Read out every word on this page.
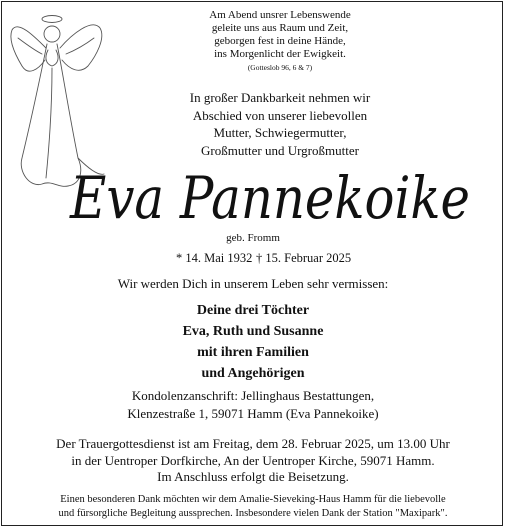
Am Abend unsrer Lebenswende
geleite uns aus Raum und Zeit,
geborgen fest in deine Hände,
ins Morgenlicht der Ewigkeit.
(Gotteslob 96, 6 & 7)
In großer Dankbarkeit nehmen wir
Abschied von unserer liebevollen
Mutter, Schwiegermutter,
Großmutter und Urgroßmutter
Eva Pannekoike
geb. Fromm
* 14. Mai 1932 † 15. Februar 2025
Wir werden Dich in unserem Leben sehr vermissen:
Deine drei Töchter
Eva, Ruth und Susanne
mit ihren Familien
und Angehörigen
Kondolenzanschrift: Jellinghaus Bestattungen,
Klenzestraße 1, 59071 Hamm (Eva Pannekoike)
Der Trauergottesdienst ist am Freitag, dem 28. Februar 2025, um 13.00 Uhr
in der Uentroper Dorfkirche, An der Uentroper Kirche, 59071 Hamm.
Im Anschluss erfolgt die Beisetzung.
Einen besonderen Dank möchten wir dem Amalie-Sieveking-Haus Hamm für die liebevolle
und fürsorgliche Begleitung aussprechen. Insbesondere vielen Dank der Station "Maxipark".
